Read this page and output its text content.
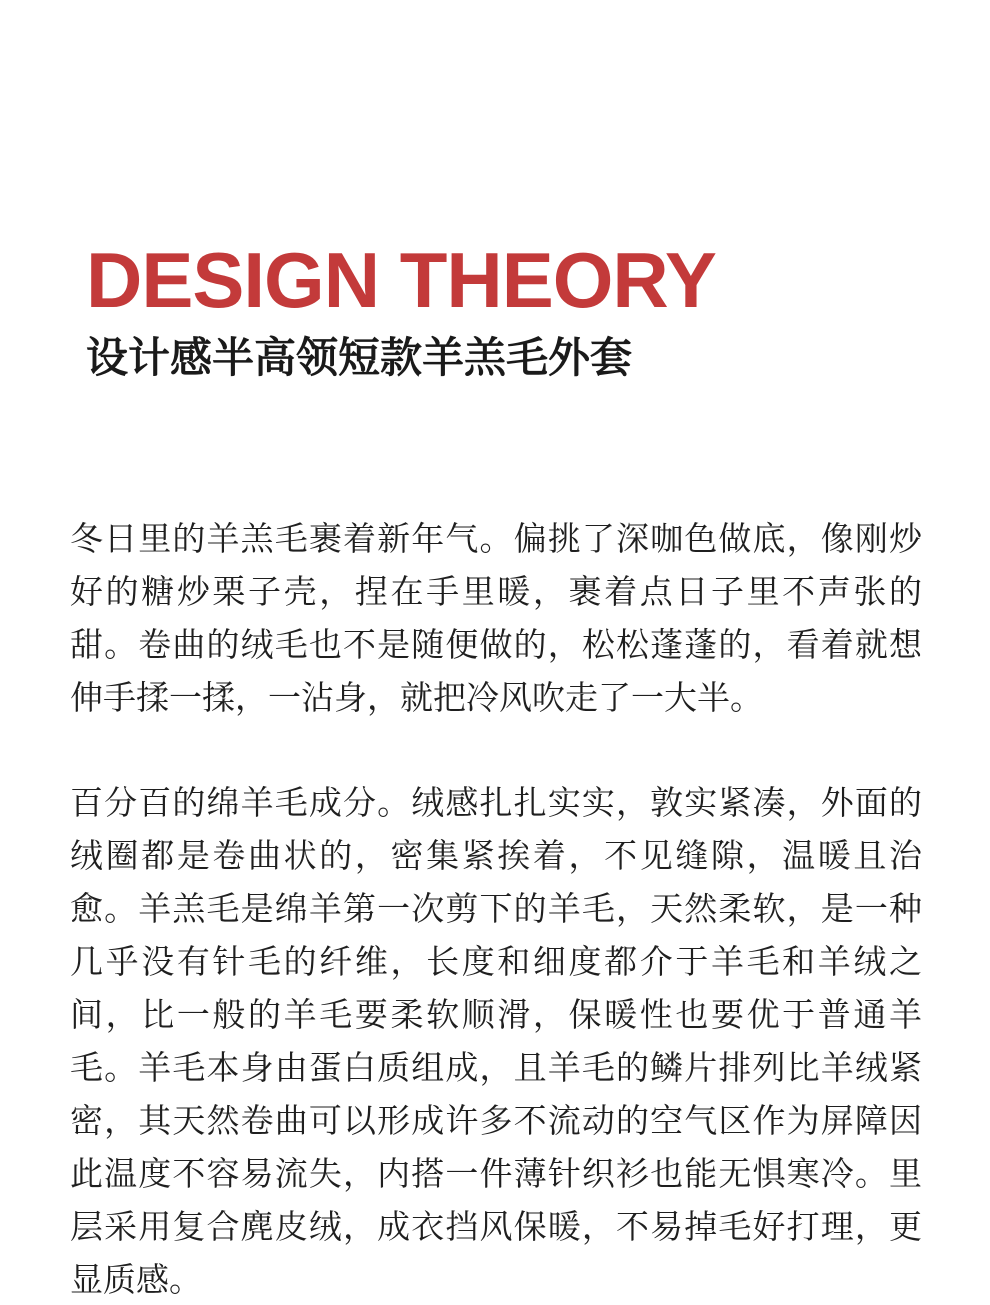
DESIGN THEORY
设计感半高领短款羊羔毛外套

冬日里的羊羔毛裹着新年气。偏挑了深咖色做底，像刚炒好的糖炒栗子壳，捏在手里暖，裹着点日子里不声张的甜。卷曲的绒毛也不是随便做的，松松蓬蓬的，看着就想伸手揉一揉，一沾身，就把冷风吹走了一大半。

百分百的绵羊毛成分。绒感扎扎实实，敦实紧凑，外面的绒圈都是卷曲状的，密集紧挨着，不见缝隙，温暖且治愈。羊羔毛是绵羊第一次剪下的羊毛，天然柔软，是一种几乎没有针毛的纤维，长度和细度都介于羊毛和羊绒之间，比一般的羊毛要柔软顺滑，保暖性也要优于普通羊毛。羊毛本身由蛋白质组成，且羊毛的鳞片排列比羊绒紧密，其天然卷曲可以形成许多不流动的空气区作为屏障因此温度不容易流失，内搭一件薄针织衫也能无惧寒冷。里层采用复合麂皮绒，成衣挡风保暖，不易掉毛好打理，更显质感。
